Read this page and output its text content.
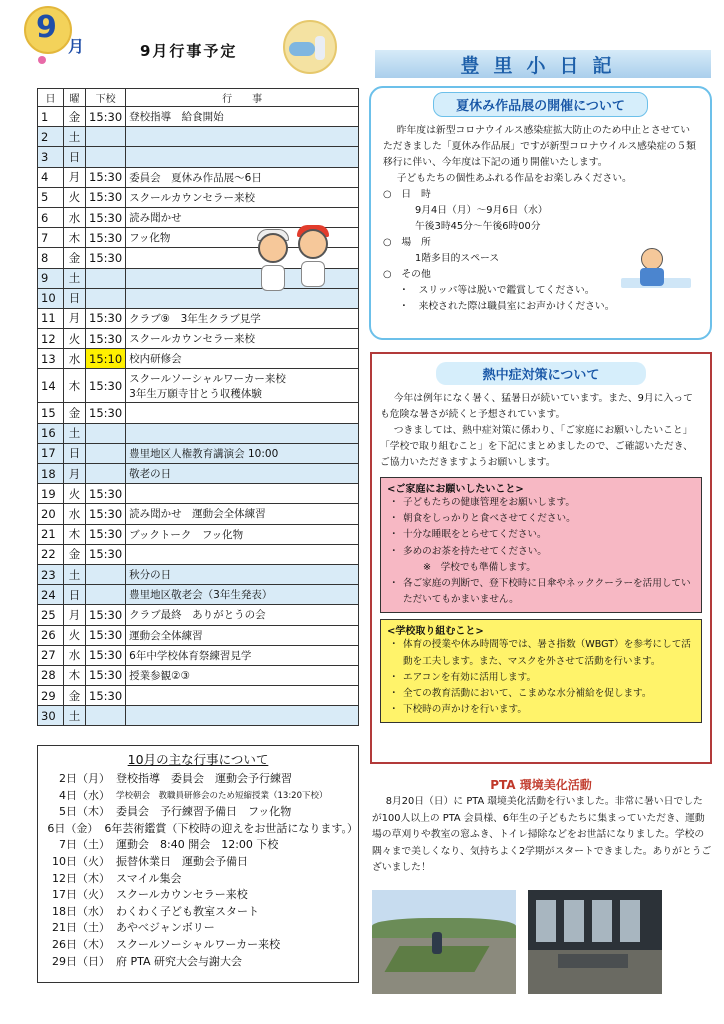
9
月	9月行事予定
日	曜	下校	行　　事
1	金	15:30	登校指導　給食開始

2	土		

3	日		

4	月	15:30	委員会　夏休み作品展～6日

5	火	15:30	スクールカウンセラー来校

6	水	15:30	読み聞かせ

7	木	15:30	フッ化物

8	金	15:30	

9	土		

10	日		

11	月	15:30	クラブ⑨　3年生クラブ見学

12	火	15:30	スクールカウンセラー来校

13	水	15:10	校内研修会

14	木	15:30	スクールソーシャルワーカー来校
3年生万願寺甘とう収穫体験

15	金	15:30	

16	土		

17	日		豊里地区人権教育講演会 10:00

18	月		敬老の日

19	火	15:30	

20	水	15:30	読み聞かせ　運動会全体練習

21	木	15:30	ブックトーク　フッ化物

22	金	15:30	

23	土		秋分の日

24	日		豊里地区敬老会（3年生発表）

25	月	15:30	クラブ最終　ありがとうの会

26	火	15:30	運動会全体練習

27	水	15:30	6年中学校体育祭練習見学

28	木	15:30	授業参観②③

29	金	15:30	

30	土		
10月の主な行事について
2日（月） 登校指導　委員会　運動会予行練習
4日（水） 学校朝会　教職員研修会のため短縮授業（13:20下校）
5日（木） 委員会　予行練習予備日　フッ化物
6日（金） 6年芸術鑑賞（下校時の迎えをお世話になります。）
7日（土） 運動会　8:40 開会　12:00 下校
10日（火） 振替休業日　運動会予備日
12日（木） スマイル集会
17日（火） スクールカウンセラー来校
18日（水） わくわく子ども教室スタート
21日（土） あやべジャンボリー
26日（木） スクールソーシャルワーカー来校
29日（日） 府 PTA 研究大会与謝大会
豊里小日記
夏休み作品展の開催について

昨年度は新型コロナウイルス感染症拡大防止のため中止とさせていただきました「夏休み作品展」ですが新型コロナウイルス感染症の５類移行に伴い、今年度は下記の通り開催いたします。

子どもたちの個性あふれる作品をお楽しみください。

○　日　時
9月4日（月）～9月6日（水）
午後3時45分～午後6時00分
○　場　所
1階多目的スペース
○　その他
・　スリッパ等は脱いで鑑賞してください。
・　来校された際は職員室にお声かけください。
熱中症対策について

今年は例年になく暑く、猛暑日が続いています。また、9月に入っても危険な暑さが続くと予想されています。

つきましては、熱中症対策に係わり、「ご家庭にお願いしたいこと」「学校で取り組むこと」を下記にまとめましたので、ご確認いただき、ご協力いただきますようお願いします。

<ご家庭にお願いしたいこと>
・ 子どもたちの健康管理をお願いします。
・ 朝食をしっかりと食べさせてください。
・ 十分な睡眠をとらせてください。
・ 多めのお茶を持たせてください。
※　学校でも準備します。
・ 各ご家庭の判断で、登下校時に日傘やネッククーラーを活用していただいてもかまいません。
<学校取り組むこと>
・ 体育の授業や休み時間等では、暑さ指数（WBGT）を参考にして活動を工夫します。また、マスクを外させて活動を行います。
・ エアコンを有効に活用します。
・ 全ての教育活動において、こまめな水分補給を促します。
・ 下校時の声かけを行います。
PTA 環境美化活動

8月20日（日）に PTA 環境美化活動を行いました。非常に暑い日でしたが100人以上の PTA 会員様、6年生の子どもたちに集まっていただき、運動場の草刈りや教室の窓ふき、トイレ掃除などをお世話になりました。学校の隅々まで美しくなり、気持ちよく2学期がスタートできました。ありがとうございました！
